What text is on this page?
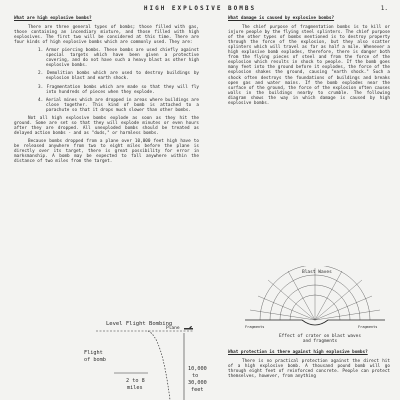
HIGH EXPLOSIVE BOMBS	1.
What are high explosive bombs?
There are three general types of bombs; those filled with gas, those containing an incendiary mixture, and those filled with high explosives. The first two will be considered at this time. There are four kinds of high explosive bombs which are commonly used. They are:
1. Armor piercing bombs. These bombs are used chiefly against special targets which have been given a protective covering, and do not have such a heavy blast as other high explosive bombs.
2. Demolition bombs which are used to destroy buildings by explosion blast and earth shock.
3. Fragmentation bombs which are made so that they will fly into hundreds of pieces when they explode.
4. Aerial mines which are dropped in areas where buildings are close together. This kind of bomb is attached to a parachute so that it drops much slower than other bombs.
Not all high explosive bombs explode as soon as they hit the ground. Some are set so that they will explode minutes or even hours after they are dropped. All unexploded bombs should be treated as delayed action bombs - and as "duds," or harmless bombs.
Because bombs dropped from a plane over 10,000 feet high have to be released anywhere from two to eight miles before the plane is directly over its target, there is great possibility for error in marksmanship. A bomb may be expected to fall anywhere within the distance of two miles from the target.
Level Flight Bombing
Plane
Flight of bomb
2 to 8 miles
10,000 to 30,000 feet
What damage is caused by explosive bombs?
The chief purpose of fragmentation bombs is to kill or injure people by the flying steel splinters. The chief purpose of the other types of bombs mentioned is to destroy property through the force of the explosion, but they also scatter splinters which will travel as far as half a mile. Whenever a high explosive bomb explodes, therefore, there is danger both from the flying pieces of steel and from the force of the explosion which results in shock to people. If the bomb goes many feet into the ground before it explodes, the force of the explosion shakes the ground, causing "earth shock." Such a shock often destroys the foundations of buildings and breaks open gas and water mains. If the bomb explodes near the surface of the ground, the force of the explosion often causes walls in the buildings nearby to crumble. The following diagram shows the way in which damage is caused by high explosive bombs.
Blast Waves
Fragments	Fragments
Effect of crater on blast waves
and fragments
What protection is there against high explosive bombs?
There is no practical protection against the direct hit of a high explosive bomb. A thousand pound bomb will go through eight feet of reinforced concrete. People can protect themselves, however, from anything
